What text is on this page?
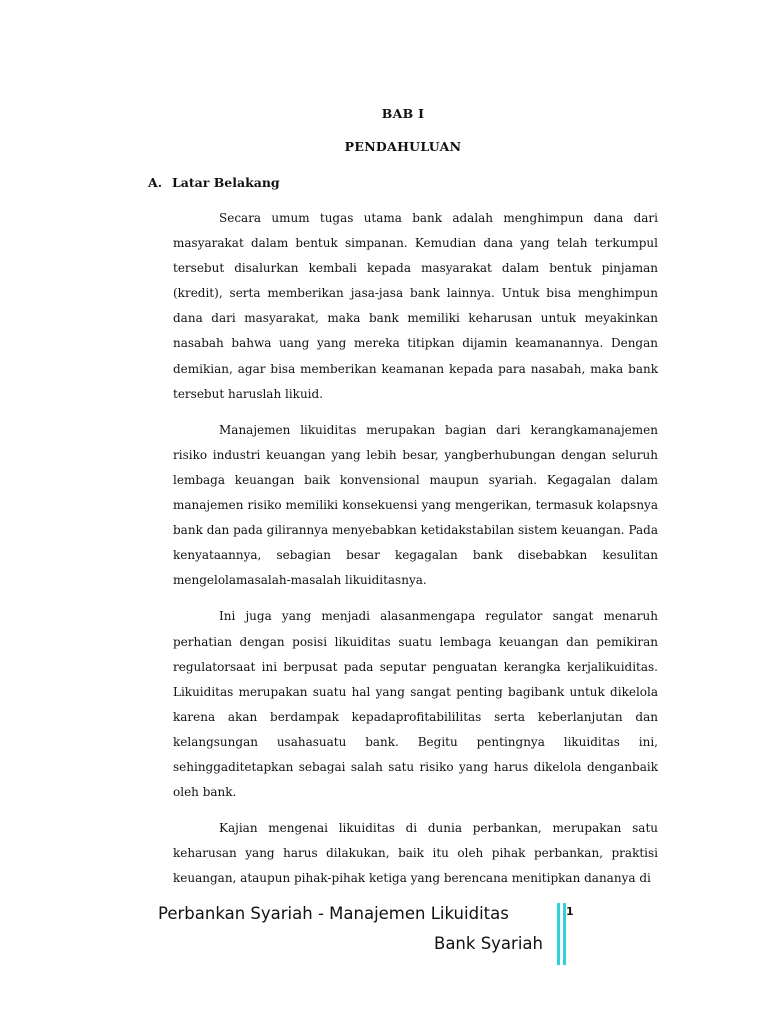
BAB I
PENDAHULUAN
A. Latar Belakang

Secara umum tugas utama bank adalah menghimpun dana dari masyarakat dalam bentuk simpanan. Kemudian dana yang telah terkumpul tersebut disalurkan kembali kepada masyarakat dalam bentuk pinjaman (kredit), serta memberikan jasa-jasa bank lainnya. Untuk bisa menghimpun dana dari masyarakat, maka bank memiliki keharusan untuk meyakinkan nasabah bahwa uang yang mereka titipkan dijamin keamanannya. Dengan demikian, agar bisa memberikan keamanan kepada para nasabah, maka bank tersebut haruslah likuid.

Manajemen likuiditas merupakan bagian dari kerangkamanajemen risiko industri keuangan yang lebih besar, yangberhubungan dengan seluruh lembaga keuangan baik konvensional maupun syariah. Kegagalan dalam manajemen risiko memiliki konsekuensi yang mengerikan, termasuk kolapsnya bank dan pada gilirannya menyebabkan ketidakstabilan sistem keuangan. Pada kenyataannya, sebagian besar kegagalan bank disebabkan kesulitan mengelolamasalah-masalah likuiditasnya.

Ini juga yang menjadi alasanmengapa regulator sangat menaruh perhatian dengan posisi likuiditas suatu lembaga keuangan dan pemikiran regulatorsaat ini berpusat pada seputar penguatan kerangka kerjalikuiditas. Likuiditas merupakan suatu hal yang sangat penting bagibank untuk dikelola karena akan berdampak kepadaprofitabililitas serta keberlanjutan dan kelangsungan usahasuatu bank. Begitu pentingnya likuiditas ini, sehinggaditetapkan sebagai salah satu risiko yang harus dikelola denganbaik oleh bank.

Kajian mengenai likuiditas di dunia perbankan, merupakan satu keharusan yang harus dilakukan, baik itu oleh pihak perbankan, praktisi keuangan, ataupun pihak-pihak ketiga yang berencana menitipkan dananya di

Perbankan Syariah - Manajemen Likuiditas
Bank Syariah
1
